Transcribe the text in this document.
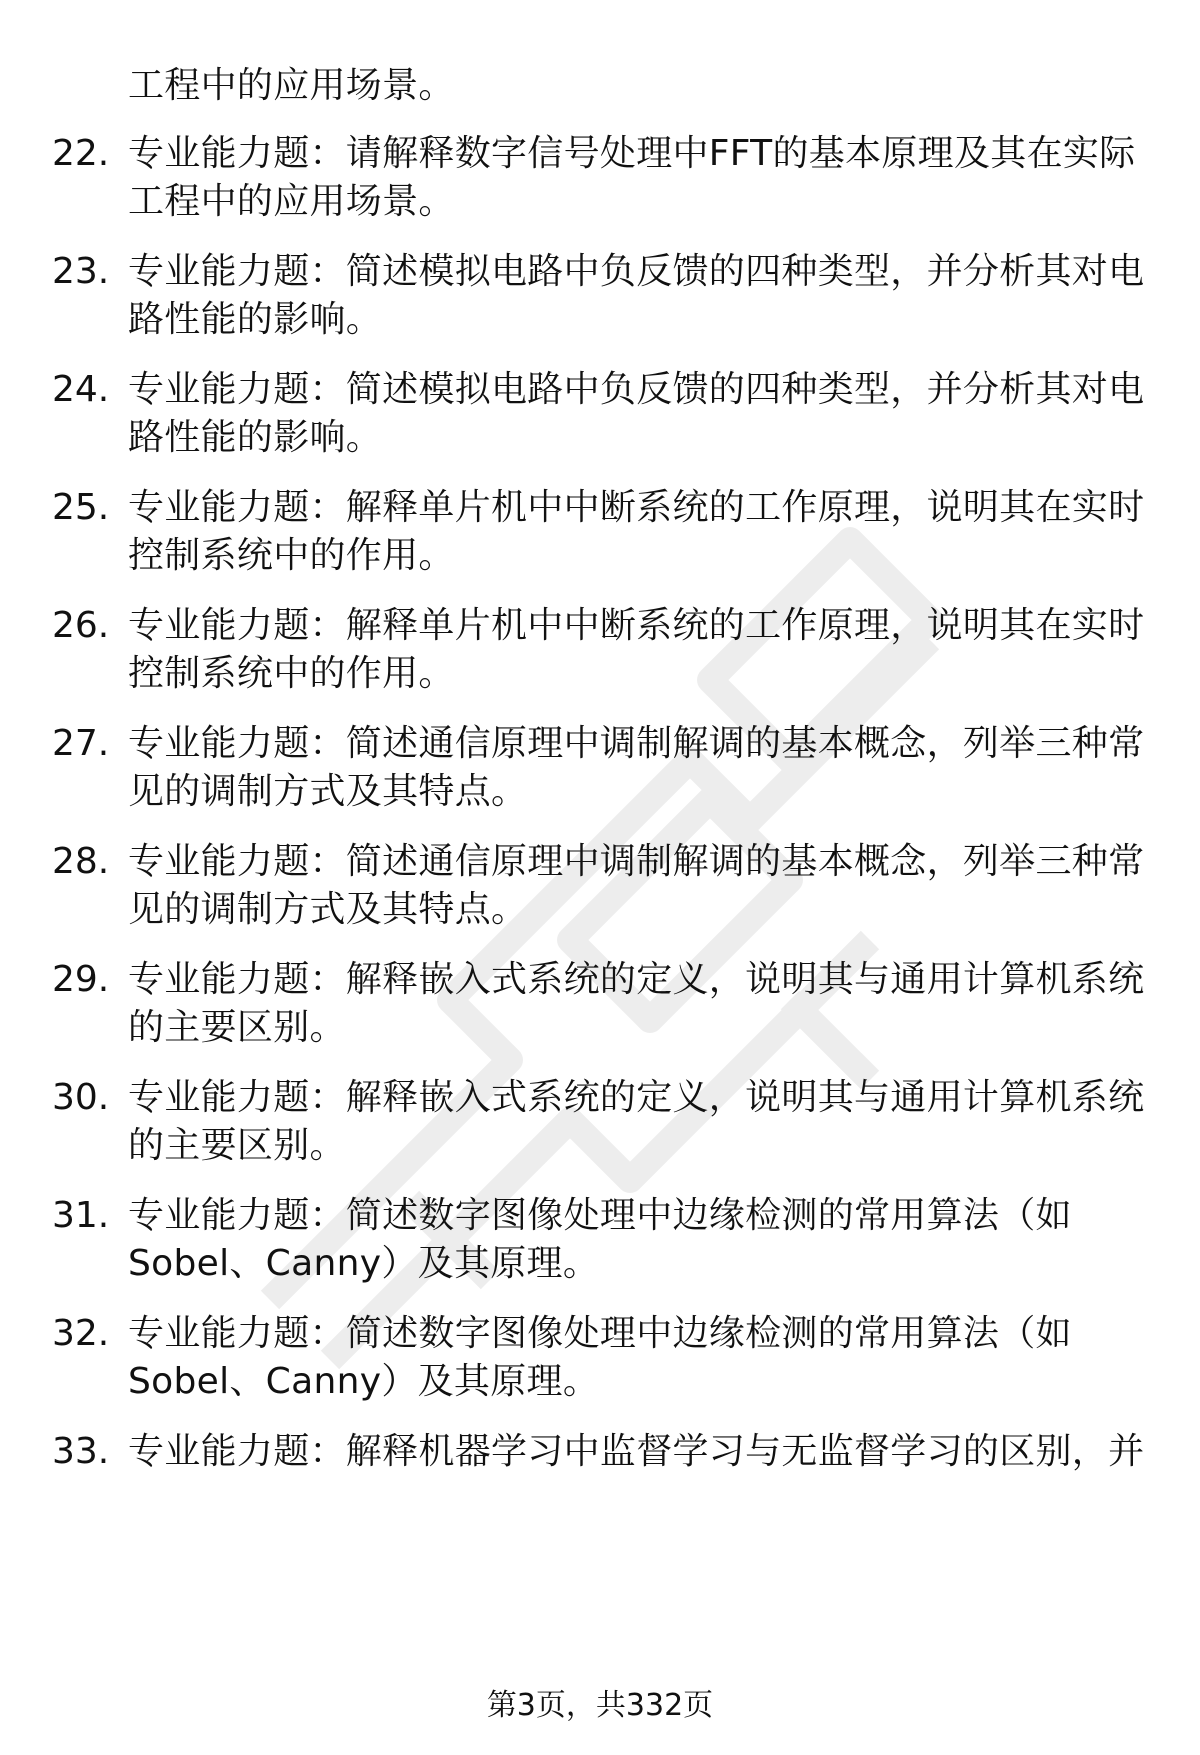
工程中的应用场景。
22. 专业能力题：请解释数字信号处理中FFT的基本原理及其在实际
工程中的应用场景。
23. 专业能力题：简述模拟电路中负反馈的四种类型，并分析其对电
路性能的影响。
24. 专业能力题：简述模拟电路中负反馈的四种类型，并分析其对电
路性能的影响。
25. 专业能力题：解释单片机中中断系统的工作原理，说明其在实时
控制系统中的作用。
26. 专业能力题：解释单片机中中断系统的工作原理，说明其在实时
控制系统中的作用。
27. 专业能力题：简述通信原理中调制解调的基本概念，列举三种常
见的调制方式及其特点。
28. 专业能力题：简述通信原理中调制解调的基本概念，列举三种常
见的调制方式及其特点。
29. 专业能力题：解释嵌入式系统的定义，说明其与通用计算机系统
的主要区别。
30. 专业能力题：解释嵌入式系统的定义，说明其与通用计算机系统
的主要区别。
31. 专业能力题：简述数字图像处理中边缘检测的常用算法（如
Sobel、Canny）及其原理。
32. 专业能力题：简述数字图像处理中边缘检测的常用算法（如
Sobel、Canny）及其原理。
33. 专业能力题：解释机器学习中监督学习与无监督学习的区别，并
第3页，共332页
